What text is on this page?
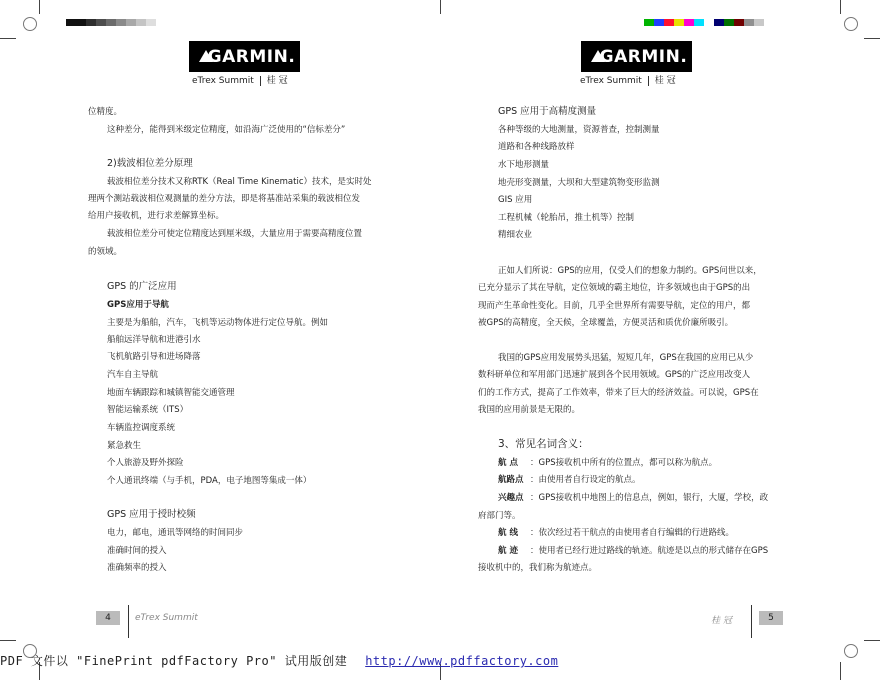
GARMIN.
eTrex Summit 桂 冠
GARMIN.
eTrex Summit 桂 冠
位精度。
这种差分，能得到米级定位精度，如沿海广泛使用的“信标差分”
2)载波相位差分原理
载波相位差分技术又称RTK（Real Time Kinematic）技术，是实时处
理两个测站载波相位观测量的差分方法，即是将基准站采集的载波相位发
给用户接收机，进行求差解算坐标。
载波相位差分可使定位精度达到厘米级，大量应用于需要高精度位置
的领域。
GPS 的广泛应用
GPS应用于导航
主要是为船舶，汽车，飞机等运动物体进行定位导航。例如
船舶远洋导航和进港引水
飞机航路引导和进场降落
汽车自主导航
地面车辆跟踪和城镇智能交通管理
智能运输系统（ITS）
车辆监控调度系统
紧急救生
个人旅游及野外探险
个人通讯终端（与手机，PDA，电子地图等集成一体）
GPS 应用于授时校频
电力，邮电，通讯等网络的时间同步
准确时间的授入
准确频率的授入
GPS 应用于高精度测量
各种等级的大地测量，资源普查，控制测量
道路和各种线路放样
水下地形测量
地壳形变测量，大坝和大型建筑物变形监测
GIS 应用
工程机械（轮胎吊，推土机等）控制
精细农业
正如人们所说：GPS的应用，仅受人们的想象力制约。GPS问世以来，
已充分显示了其在导航，定位领域的霸主地位，许多领域也由于GPS的出
现而产生革命性变化。目前，几乎全世界所有需要导航，定位的用户，都
被GPS的高精度，全天候，全球覆盖，方便灵活和质优价廉所吸引。
我国的GPS应用发展势头迅猛，短短几年，GPS在我国的应用已从少
数科研单位和军用部门迅速扩展到各个民用领域。GPS的广泛应用改变人
们的工作方式，提高了工作效率，带来了巨大的经济效益。可以说，GPS在
我国的应用前景是无限的。
3、常见名词含义：
航 点 ：GPS接收机中所有的位置点，都可以称为航点。
航路点 ：由使用者自行设定的航点。
兴趣点 ：GPS接收机中地图上的信息点，例如，银行，大厦，学校，政
府部门等。
航 线 ：依次经过若干航点的由使用者自行编辑的行进路线。
航 迹 ：使用者已经行进过路线的轨迹。航迹是以点的形式储存在GPS
接收机中的，我们称为航迹点。
4	eTrex Summit	桂 冠	5
PDF 文件以 "FinePrint pdfFactory Pro" 试用版创建 http://www.pdffactory.com
